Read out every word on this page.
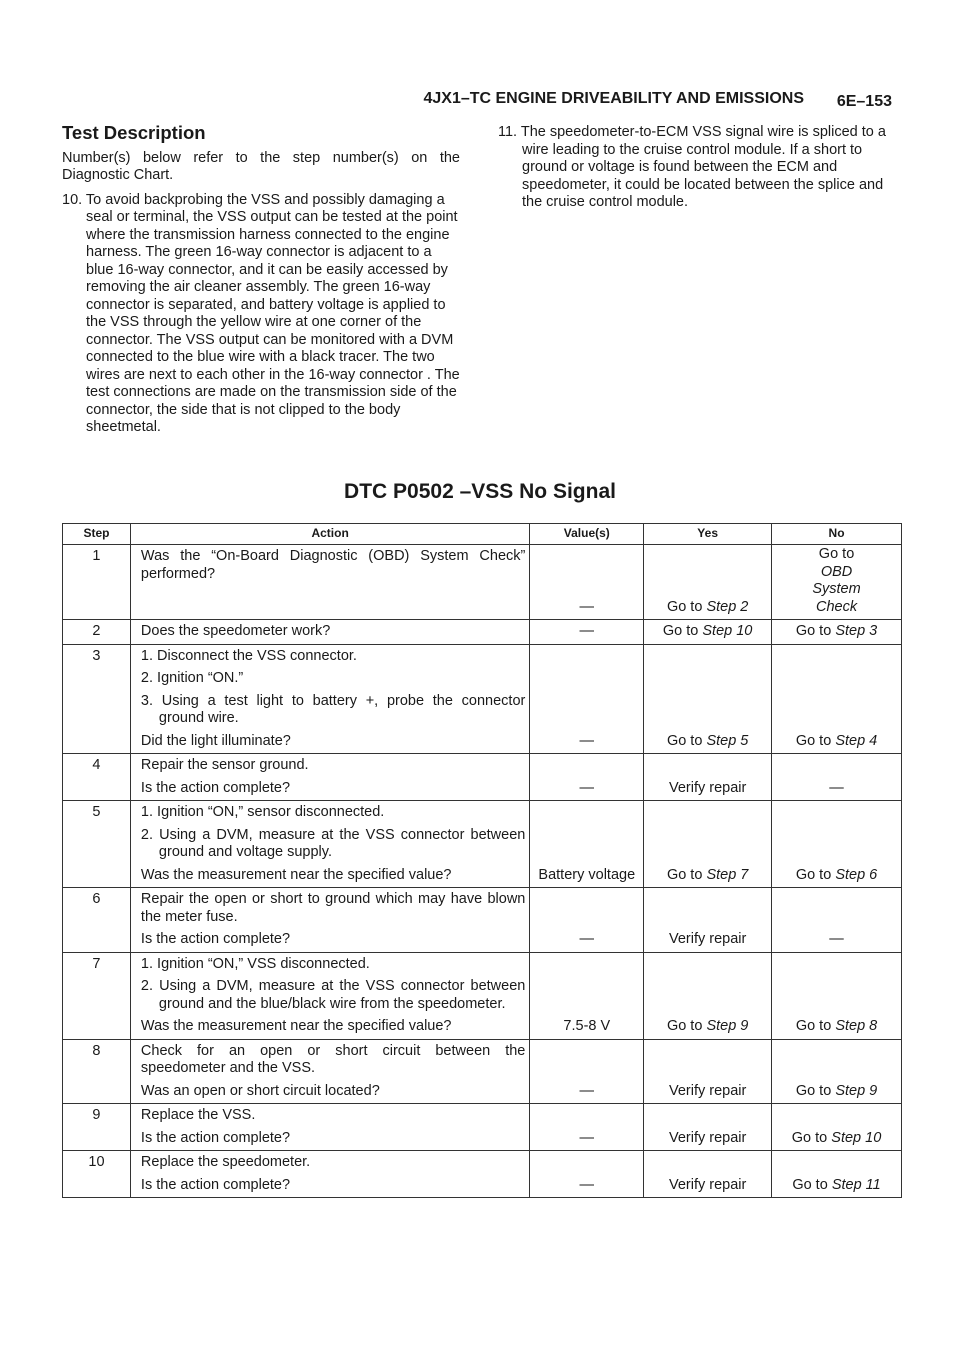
4JX1–TC ENGINE DRIVEABILITY AND EMISSIONS 6E–153
Test Description

Number(s) below refer to the step number(s) on the Diagnostic Chart.

10. To avoid backprobing the VSS and possibly damaging a seal or terminal, the VSS output can be tested at the point where the transmission harness connected to the engine harness. The green 16-way connector is adjacent to a blue 16-way connector, and it can be easily accessed by removing the air cleaner assembly. The green 16-way connector is separated, and battery voltage is applied to the VSS through the yellow wire at one corner of the connector. The VSS output can be monitored with a DVM connected to the blue wire with a black tracer. The two wires are next to each other in the 16-way connector . The test connections are made on the transmission side of the connector, the side that is not clipped to the body sheetmetal.

11. The speedometer-to-ECM VSS signal wire is spliced to a wire leading to the cruise control module. If a short to ground or voltage is found between the ECM and speedometer, it could be located between the splice and the cruise control module.

DTC P0502 –VSS No Signal
Step	Action	Value(s)	Yes	No
1	Was the “On-Board Diagnostic (OBD) System Check” performed?	—	Go to Step 2	Go to
OBD System Check
2	Does the speedometer work?	—	Go to Step 10	Go to Step 3
3	1. Disconnect the VSS connector.
2. Ignition “ON.”
3. Using a test light to battery +, probe the connector ground wire.
Did the light illuminate?	—	Go to Step 5	Go to Step 4
4	Repair the sensor ground.
Is the action complete?	—	Verify repair	—
5	1. Ignition “ON,” sensor disconnected.
2. Using a DVM, measure at the VSS connector between ground and voltage supply.
Was the measurement near the specified value?	Battery voltage	Go to Step 7	Go to Step 6
6	Repair the open or short to ground which may have blown the meter fuse.
Is the action complete?	—	Verify repair	—
7	1. Ignition “ON,” VSS disconnected.
2. Using a DVM, measure at the VSS connector between ground and the blue/black wire from the speedometer.
Was the measurement near the specified value?	7.5-8 V	Go to Step 9	Go to Step 8
8	Check for an open or short circuit between the speedometer and the VSS.
Was an open or short circuit located?	—	Verify repair	Go to Step 9
9	Replace the VSS.
Is the action complete?	—	Verify repair	Go to Step 10
10	Replace the speedometer.
Is the action complete?	—	Verify repair	Go to Step 11
